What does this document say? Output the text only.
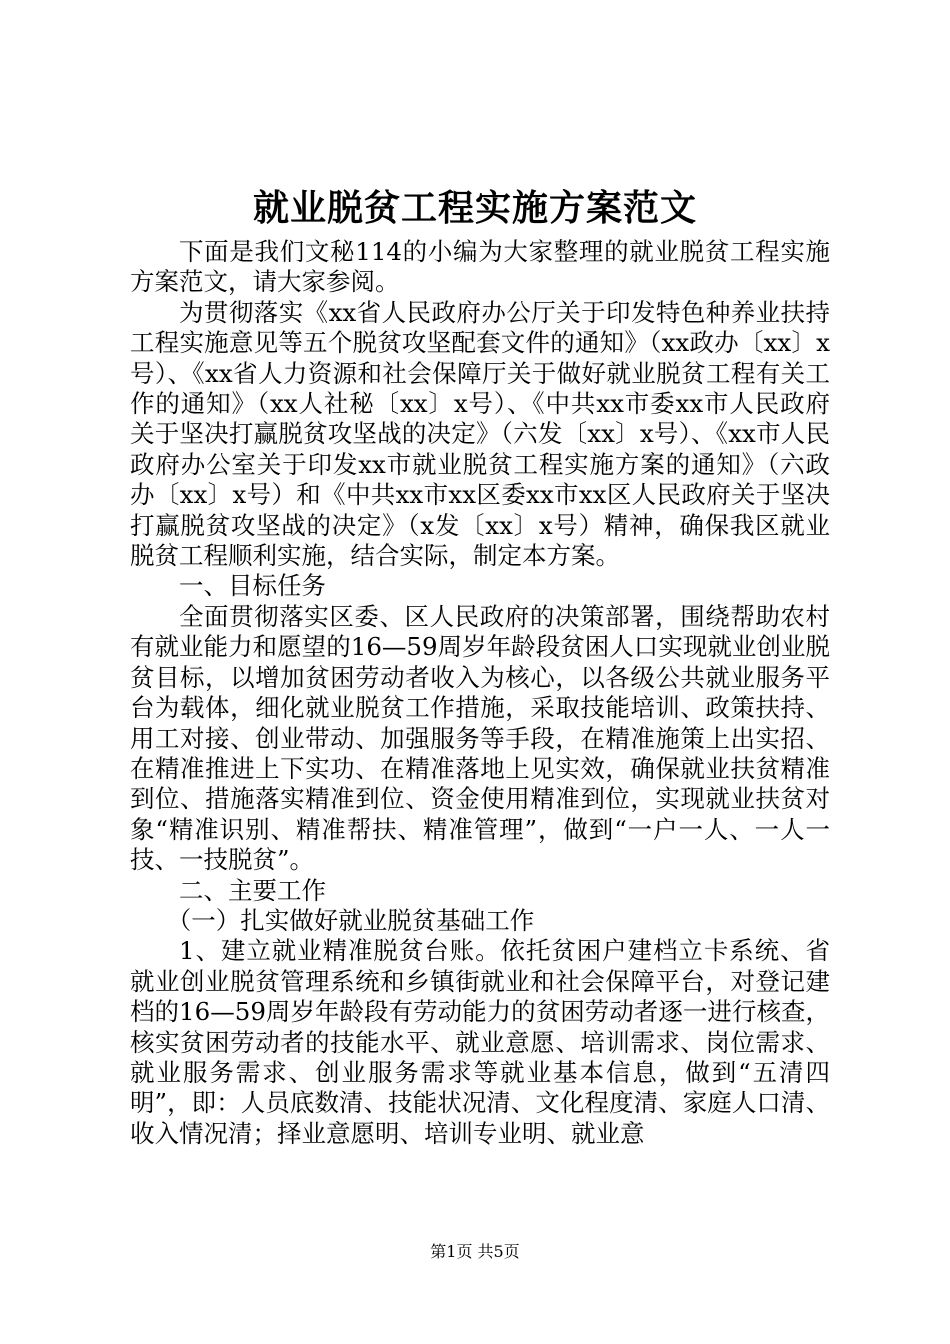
就业脱贫工程实施方案范文

下面是我们文秘114的小编为大家整理的就业脱贫工程实施方案范文，请大家参阅。

为贯彻落实《xx省人民政府办公厅关于印发特色种养业扶持工程实施意见等五个脱贫攻坚配套文件的通知》（xx政办〔xx〕x号）、《xx省人力资源和社会保障厅关于做好就业脱贫工程有关工作的通知》（xx人社秘〔xx〕x号）、《中共xx市委xx市人民政府关于坚决打赢脱贫攻坚战的决定》（六发〔xx〕x号）、《xx市人民政府办公室关于印发xx市就业脱贫工程实施方案的通知》（六政办〔xx〕x号）和《中共xx市xx区委xx市xx区人民政府关于坚决打赢脱贫攻坚战的决定》（x发〔xx〕x号）精神，确保我区就业脱贫工程顺利实施，结合实际，制定本方案。

一、目标任务

全面贯彻落实区委、区人民政府的决策部署，围绕帮助农村有就业能力和愿望的16—59周岁年龄段贫困人口实现就业创业脱贫目标，以增加贫困劳动者收入为核心，以各级公共就业服务平台为载体，细化就业脱贫工作措施，采取技能培训、政策扶持、用工对接、创业带动、加强服务等手段，在精准施策上出实招、在精准推进上下实功、在精准落地上见实效，确保就业扶贫精准到位、措施落实精准到位、资金使用精准到位，实现就业扶贫对象“精准识别、精准帮扶、精准管理”，做到“一户一人、一人一技、一技脱贫”。

二、主要工作

（一）扎实做好就业脱贫基础工作

1、建立就业精准脱贫台账。依托贫困户建档立卡系统、省就业创业脱贫管理系统和乡镇街就业和社会保障平台，对登记建档的16—59周岁年龄段有劳动能力的贫困劳动者逐一进行核查，核实贫困劳动者的技能水平、就业意愿、培训需求、岗位需求、就业服务需求、创业服务需求等就业基本信息，做到“五清四明”，即：人员底数清、技能状况清、文化程度清、家庭人口清、收入情况清；择业意愿明、培训专业明、就业意

第1页 共5页
